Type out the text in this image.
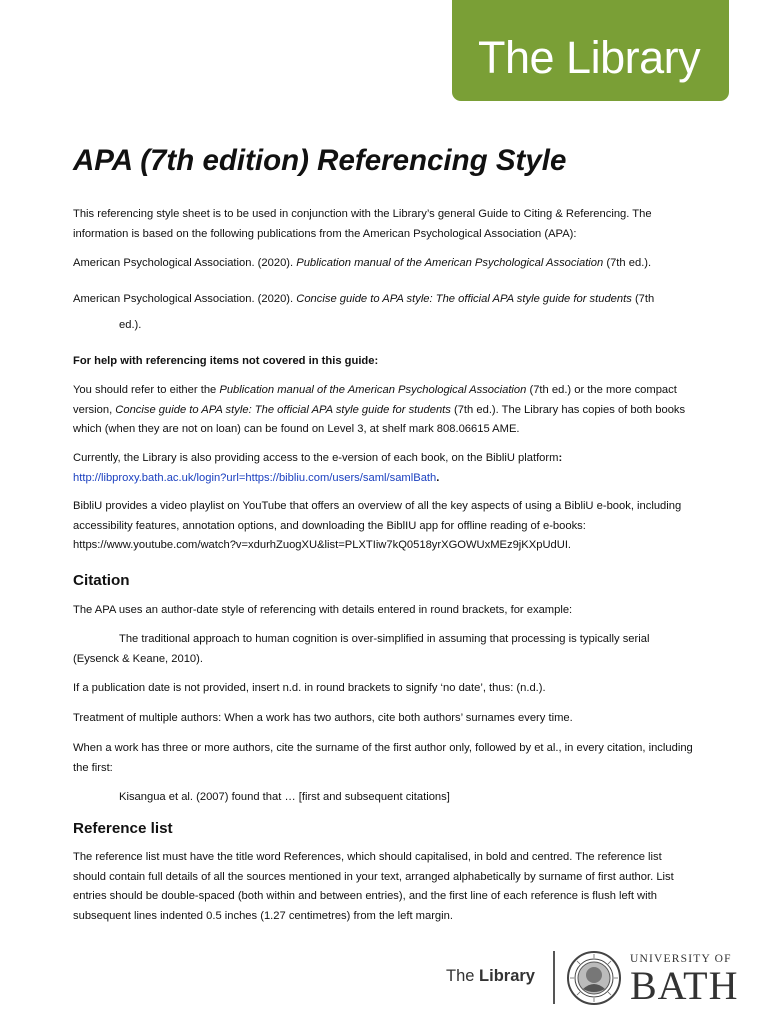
The Library
APA (7th edition) Referencing Style

This referencing style sheet is to be used in conjunction with the Library’s general Guide to Citing & Referencing. The information is based on the following publications from the American Psychological Association (APA):

American Psychological Association. (2020). Publication manual of the American Psychological Association (7th ed.).

American Psychological Association. (2020). Concise guide to APA style: The official APA style guide for students (7th

ed.).

For help with referencing items not covered in this guide:

You should refer to either the Publication manual of the American Psychological Association (7th ed.) or the more compact version, Concise guide to APA style: The official APA style guide for students (7th ed.). The Library has copies of both books which (when they are not on loan) can be found on Level 3, at shelf mark 808.06615 AME.

Currently, the Library is also providing access to the e-version of each book, on the BibliU platform:
http://libproxy.bath.ac.uk/login?url=https://bibliu.com/users/saml/samlBath.

BibliU provides a video playlist on YouTube that offers an overview of all the key aspects of using a BibliU e-book, including accessibility features, annotation options, and downloading the BiblIU app for offline reading of e-books: https://www.youtube.com/watch?v=xdurhZuogXU&list=PLXTIiw7kQ0518yrXGOWUxMEz9jKXpUdUI.

Citation

The APA uses an author-date style of referencing with details entered in round brackets, for example:

The traditional approach to human cognition is over-simplified in assuming that processing is typically serial (Eysenck & Keane, 2010).

If a publication date is not provided, insert n.d. in round brackets to signify ‘no date’, thus: (n.d.).

Treatment of multiple authors: When a work has two authors, cite both authors’ surnames every time.

When a work has three or more authors, cite the surname of the first author only, followed by et al., in every citation, including the first:

Kisangua et al. (2007) found that … [first and subsequent citations]

Reference list

The reference list must have the title word References, which should capitalised, in bold and centred. The reference list should contain full details of all the sources mentioned in your text, arranged alphabetically by surname of first author. List entries should be double-spaced (both within and between entries), and the first line of each reference is flush left with subsequent lines indented 0.5 inches (1.27 centimetres) from the left margin.

The Library
UNIVERSITY OF
BATH
